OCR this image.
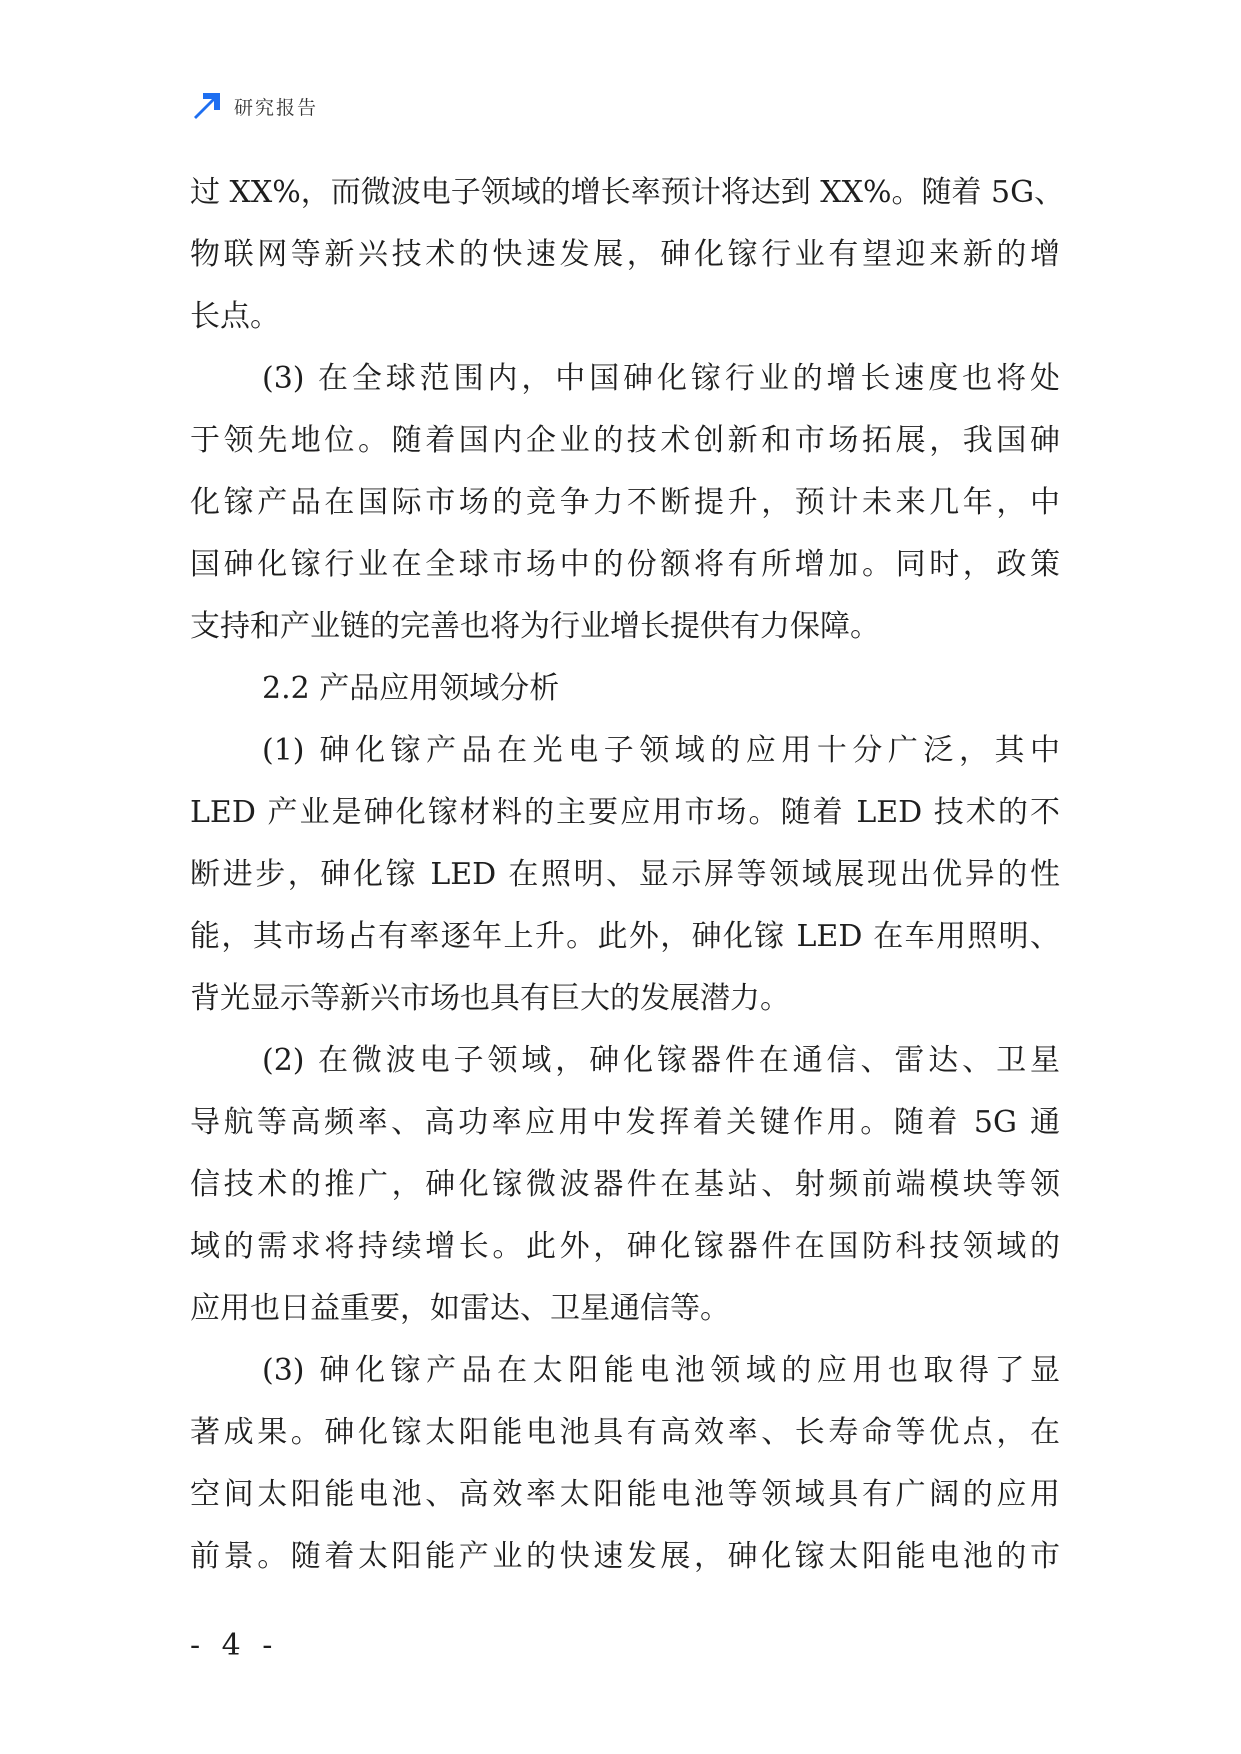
研究报告
过 XX%，而微波电子领域的增长率预计将达到 XX%。随着 5G、
物联网等新兴技术的快速发展，砷化镓行业有望迎来新的增
长点。
(3) 在全球范围内，中国砷化镓行业的增长速度也将处
于领先地位。随着国内企业的技术创新和市场拓展，我国砷
化镓产品在国际市场的竞争力不断提升，预计未来几年，中
国砷化镓行业在全球市场中的份额将有所增加。同时，政策
支持和产业链的完善也将为行业增长提供有力保障。
2.2 产品应用领域分析
(1) 砷化镓产品在光电子领域的应用十分广泛，其中
LED 产业是砷化镓材料的主要应用市场。随着 LED 技术的不
断进步，砷化镓 LED 在照明、显示屏等领域展现出优异的性
能，其市场占有率逐年上升。此外，砷化镓 LED 在车用照明、
背光显示等新兴市场也具有巨大的发展潜力。
(2) 在微波电子领域，砷化镓器件在通信、雷达、卫星
导航等高频率、高功率应用中发挥着关键作用。随着 5G 通
信技术的推广，砷化镓微波器件在基站、射频前端模块等领
域的需求将持续增长。此外，砷化镓器件在国防科技领域的
应用也日益重要，如雷达、卫星通信等。
(3) 砷化镓产品在太阳能电池领域的应用也取得了显
著成果。砷化镓太阳能电池具有高效率、长寿命等优点，在
空间太阳能电池、高效率太阳能电池等领域具有广阔的应用
前景。随着太阳能产业的快速发展，砷化镓太阳能电池的市
- 4 -
